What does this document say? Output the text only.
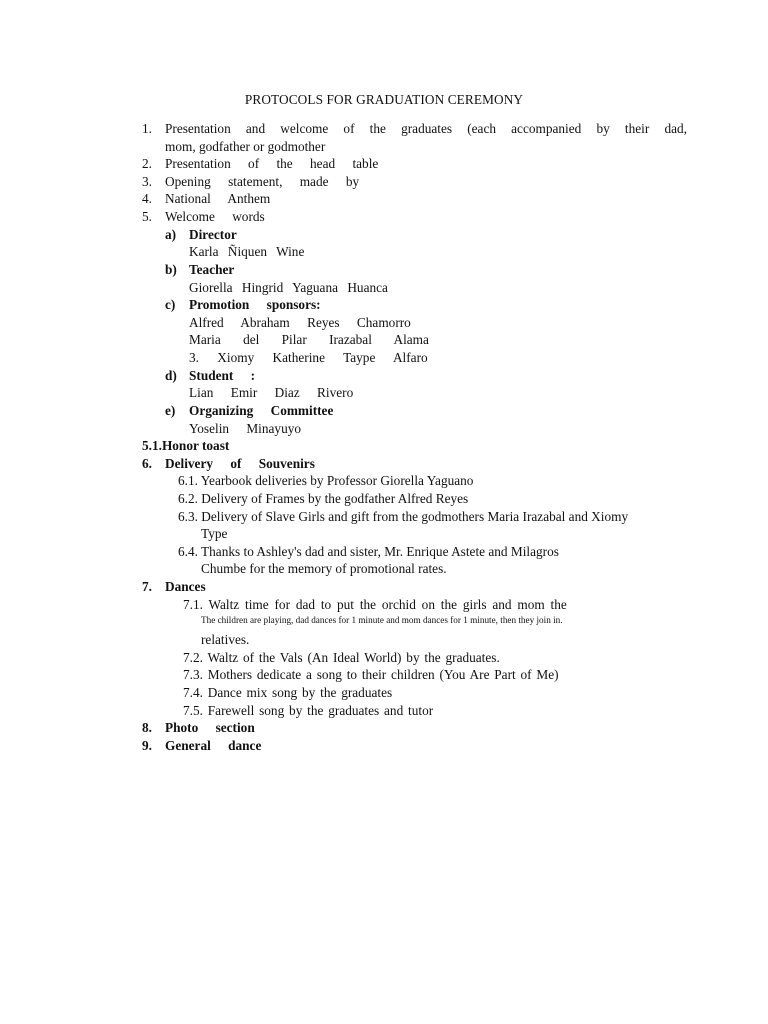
PROTOCOLS FOR GRADUATION CEREMONY
1. Presentation and welcome of the graduates (each accompanied by their dad,
mom, godfather or godmother
2. Presentation of the head table
3. Opening statement, made by
4. National Anthem
5. Welcome words
a) Director
Karla Ñiquen Wine
b) Teacher
Giorella Hingrid Yaguana Huanca
c) Promotion sponsors:
Alfred Abraham Reyes Chamorro
Maria del Pilar Irazabal Alama
3. Xiomy Katherine Taype Alfaro
d) Student :
Lian Emir Diaz Rivero
e) Organizing Committee
Yoselin Minayuyo
5.1.Honor toast
6. Delivery of Souvenirs
6.1. Yearbook deliveries by Professor Giorella Yaguano
6.2. Delivery of Frames by the godfather Alfred Reyes
6.3. Delivery of Slave Girls and gift from the godmothers Maria Irazabal and Xiomy
Type
6.4. Thanks to Ashley's dad and sister, Mr. Enrique Astete and Milagros
Chumbe for the memory of promotional rates.
7. Dances
7.1. Waltz time for dad to put the orchid on the girls and mom the
The children are playing, dad dances for 1 minute and mom dances for 1 minute, then they join in.
relatives.
7.2. Waltz of the Vals (An Ideal World) by the graduates.
7.3. Mothers dedicate a song to their children (You Are Part of Me)
7.4. Dance mix song by the graduates
7.5. Farewell song by the graduates and tutor
8. Photo section
9. General dance
